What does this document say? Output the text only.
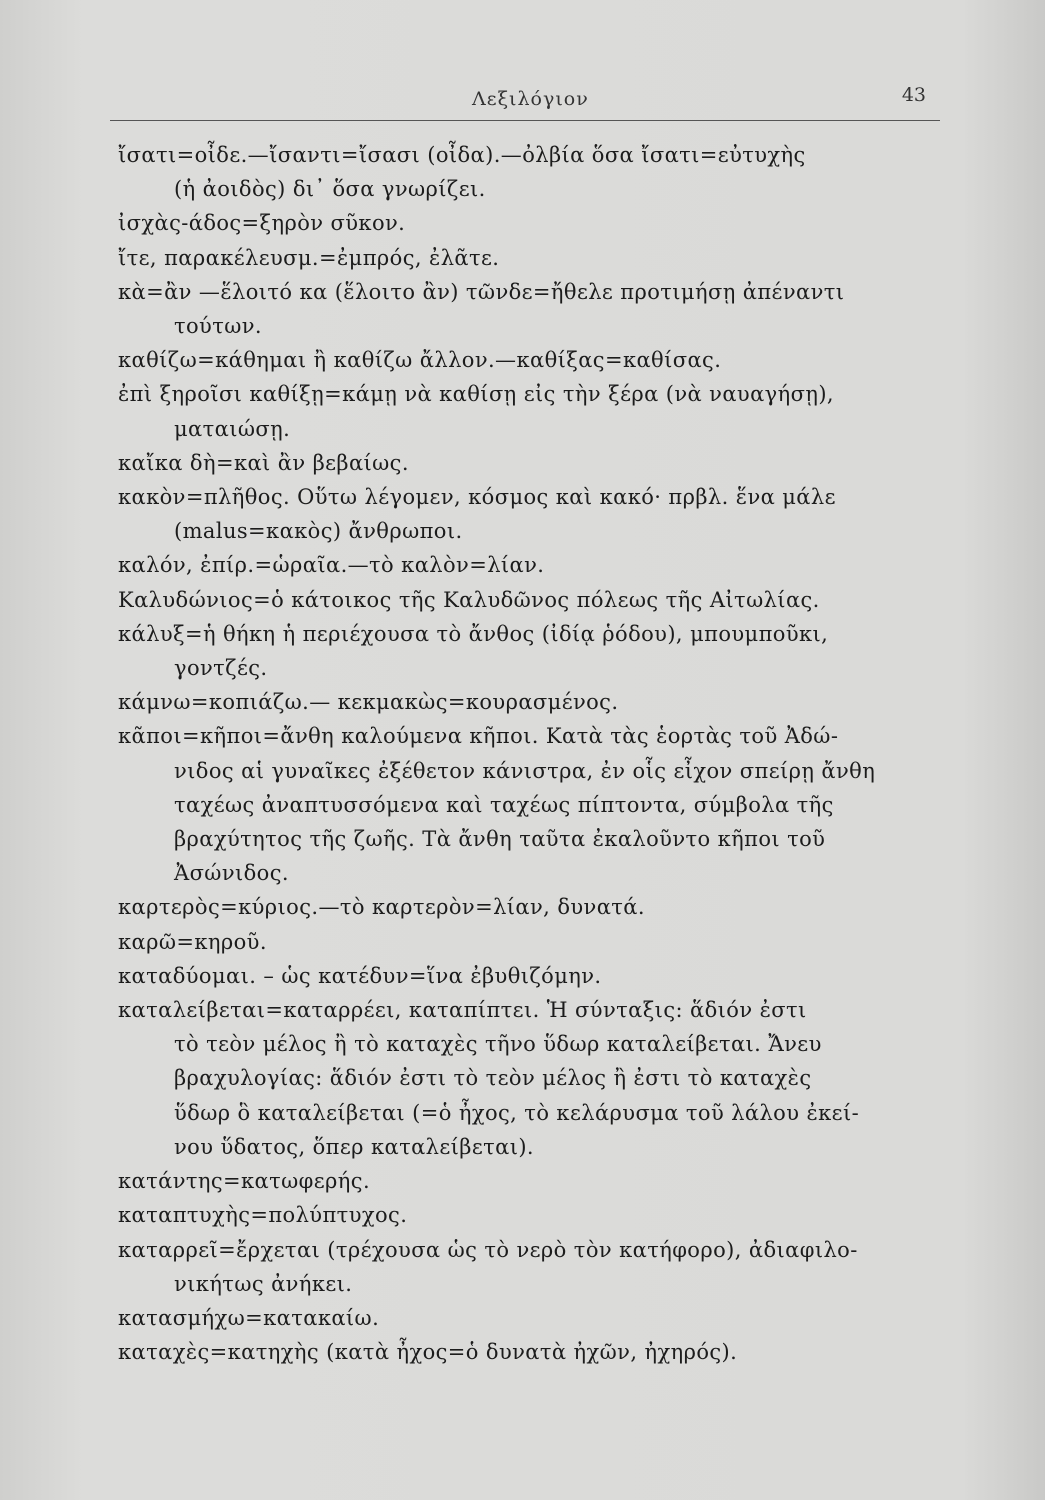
Λεξιλόγιον	43
ἴσατι=οἶδε.—ἴσαντι=ἴσασι (οἶδα).—ὀλβία ὅσα ἴσατι=εὐτυχὴς
(ἡ ἀοιδὸς) δι᾽ ὅσα γνωρίζει.
ἰσχὰς-άδος=ξηρὸν σῦκον.
ἴτε, παρακέλευσμ.=ἐμπρός, ἐλᾶτε.
κὰ=ἂν —ἕλοιτό κα (ἕλοιτο ἂν) τῶνδε=ἤθελε προτιμήσῃ ἀπέναντι
τούτων.
καθίζω=κάθημαι ἢ καθίζω ἄλλον.—καθίξας=καθίσας.
ἐπὶ ξηροῖσι καθίξῃ=κάμῃ νὰ καθίσῃ εἰς τὴν ξέρα (νὰ ναυαγήσῃ),
ματαιώσῃ.
καἴκα δὴ=καὶ ἂν βεβαίως.
κακὸν=πλῆθος. Οὕτω λέγομεν, κόσμος καὶ κακό· πρβλ. ἕνα μάλε
(malus=κακὸς) ἄνθρωποι.
καλόν, ἐπίρ.=ὡραῖα.—τὸ καλὸν=λίαν.
Καλυδώνιος=ὁ κάτοικος τῆς Καλυδῶνος πόλεως τῆς Αἰτωλίας.
κάλυξ=ἡ θήκη ἡ περιέχουσα τὸ ἄνθος (ἰδίᾳ ῥόδου), μπουμποῦκι,
γοντζές.
κάμνω=κοπιάζω.— κεκμακὼς=κουρασμένος.
κᾶποι=κῆποι=ἄνθη καλούμενα κῆποι. Κατὰ τὰς ἑορτὰς τοῦ Ἀδώ-
νιδος αἱ γυναῖκες ἐξέθετον κάνιστρα, ἐν οἷς εἶχον σπείρῃ ἄνθη
ταχέως ἀναπτυσσόμενα καὶ ταχέως πίπτοντα, σύμβολα τῆς
βραχύτητος τῆς ζωῆς. Τὰ ἄνθη ταῦτα ἐκαλοῦντο κῆποι τοῦ
Ἀσώνιδος.
καρτερὸς=κύριος.—τὸ καρτερὸν=λίαν, δυνατά.
καρῶ=κηροῦ.
καταδύομαι. – ὡς κατέδυν=ἵνα ἐβυθιζόμην.
καταλείβεται=καταρρέει, καταπίπτει. Ἡ σύνταξις: ἅδιόν ἐστι
τὸ τεὸν μέλος ἢ τὸ καταχὲς τῆνο ὕδωρ καταλείβεται. Ἄνευ
βραχυλογίας: ἅδιόν ἐστι τὸ τεὸν μέλος ἢ ἐστι τὸ καταχὲς
ὕδωρ ὃ καταλείβεται (=ὁ ἦχος, τὸ κελάρυσμα τοῦ λάλου ἐκεί-
νου ὕδατος, ὅπερ καταλείβεται).
κατάντης=κατωφερής.
καταπτυχὴς=πολύπτυχος.
καταρρεῖ=ἔρχεται (τρέχουσα ὡς τὸ νερὸ τὸν κατήφορο), ἀδιαφιλο-
νικήτως ἀνήκει.
κατασμήχω=κατακαίω.
καταχὲς=κατηχὴς (κατὰ ἦχος=ὁ δυνατὰ ἠχῶν, ἠχηρός).
